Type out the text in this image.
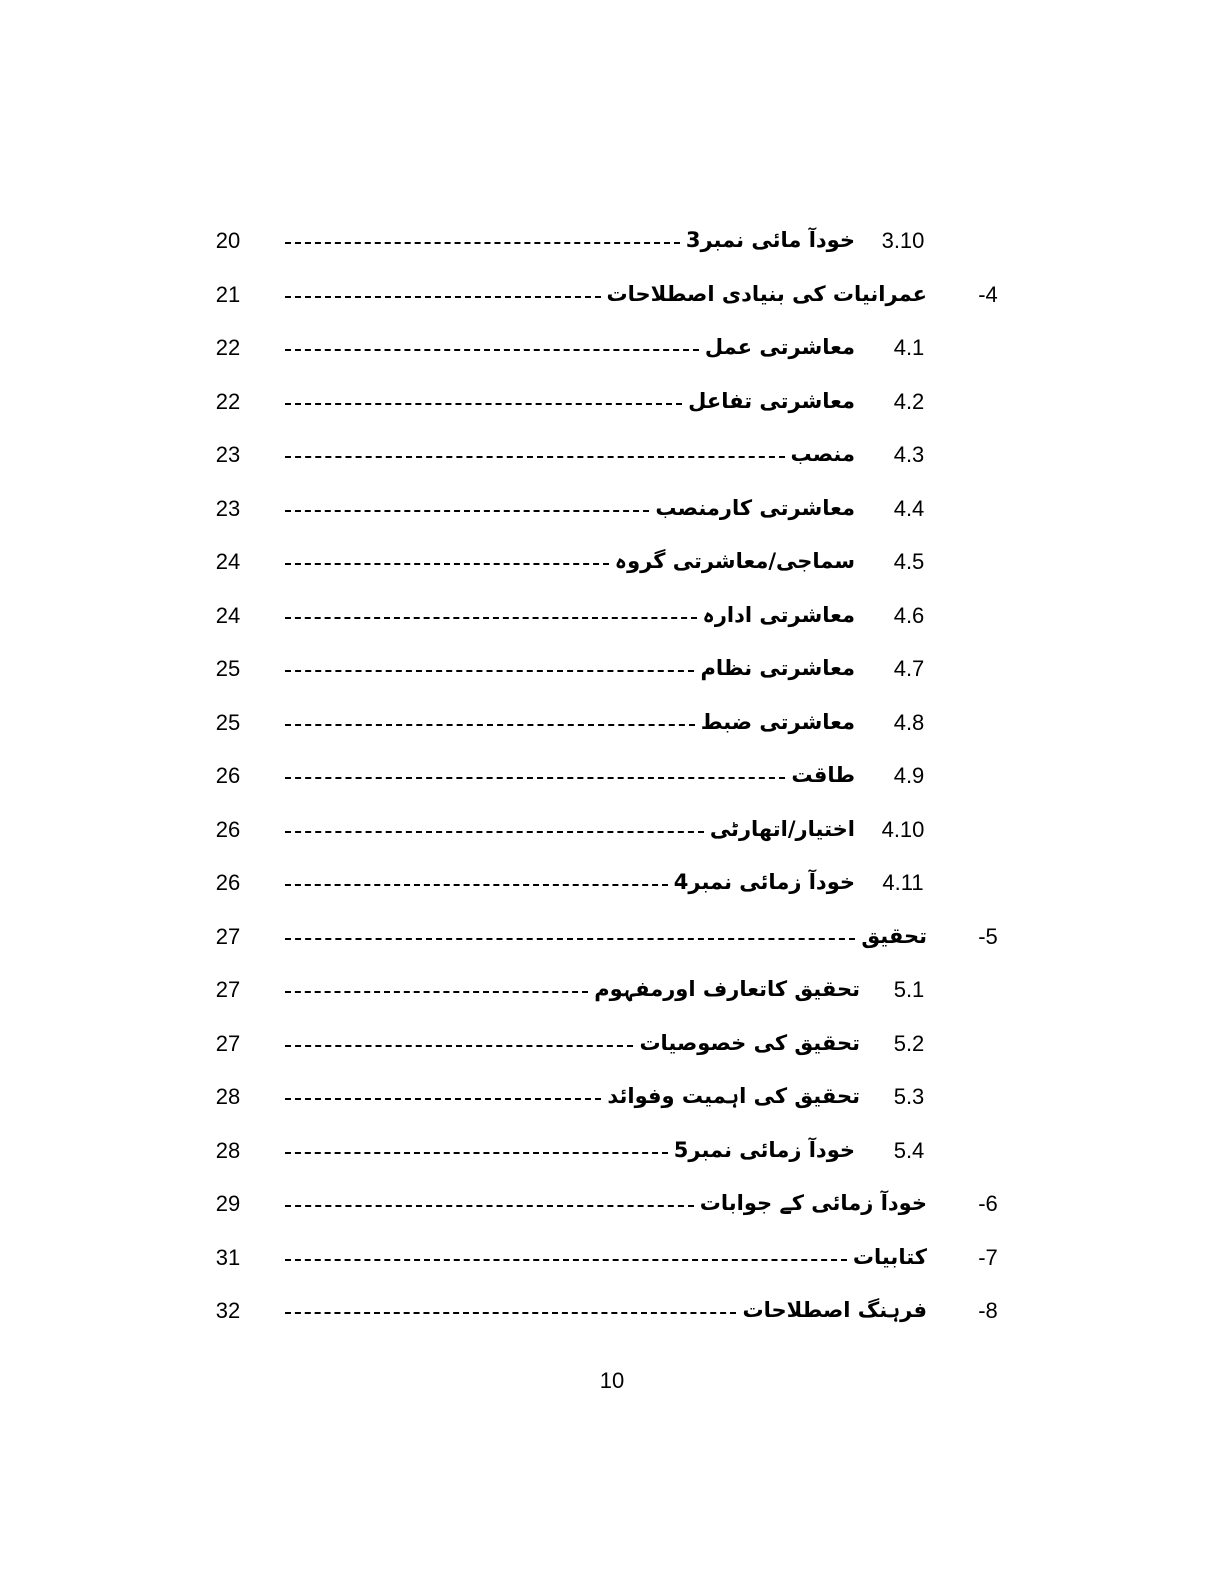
20	خودآ مائی نمبر3	3.10
21	عمرانیات کی بنیادی اصطلاحات	-4
22	معاشرتی عمل	4.1
22	معاشرتی تفاعل	4.2
23	منصب	4.3
23	معاشرتی کارمنصب	4.4
24	سماجی/معاشرتی گروہ	4.5
24	معاشرتی ادارہ	4.6
25	معاشرتی نظام	4.7
25	معاشرتی ضبط	4.8
26	طاقت	4.9
26	اختیار/اتھارٹی	4.10
26	خودآ زمائی نمبر4	4.11
27	تحقیق	-5
27	تحقیق کاتعارف اورمفہوم	5.1
27	تحقیق کی خصوصیات	5.2
28	تحقیق کی اہمیت وفوائد	5.3
28	خودآ زمائی نمبر5	5.4
29	خودآ زمائی کے جوابات	-6
31	کتابیات	-7
32	فرہنگ اصطلاحات	-8
10
